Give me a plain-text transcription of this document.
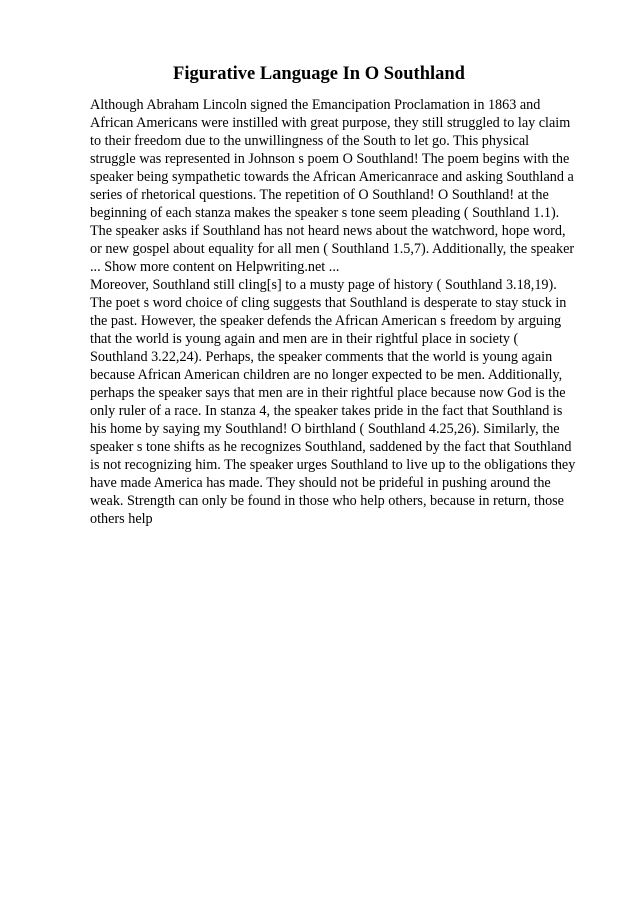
Figurative Language In O Southland
Although Abraham Lincoln signed the Emancipation Proclamation in 1863 and
African Americans were instilled with great purpose, they still struggled to lay claim
to their freedom due to the unwillingness of the South to let go. This physical
struggle was represented in Johnson s poem O Southland! The poem begins with the
speaker being sympathetic towards the African Americanrace and asking Southland a
series of rhetorical questions. The repetition of O Southland! O Southland! at the
beginning of each stanza makes the speaker s tone seem pleading ( Southland 1.1).
The speaker asks if Southland has not heard news about the watchword, hope word,
or new gospel about equality for all men ( Southland 1.5,7). Additionally, the speaker
... Show more content on Helpwriting.net ...
Moreover, Southland still cling[s] to a musty page of history ( Southland 3.18,19).
The poet s word choice of cling suggests that Southland is desperate to stay stuck in
the past. However, the speaker defends the African American s freedom by arguing
that the world is young again and men are in their rightful place in society (
Southland 3.22,24). Perhaps, the speaker comments that the world is young again
because African American children are no longer expected to be men. Additionally,
perhaps the speaker says that men are in their rightful place because now God is the
only ruler of a race. In stanza 4, the speaker takes pride in the fact that Southland is
his home by saying my Southland! O birthland ( Southland 4.25,26). Similarly, the
speaker s tone shifts as he recognizes Southland, saddened by the fact that Southland
is not recognizing him. The speaker urges Southland to live up to the obligations they
have made America has made. They should not be prideful in pushing around the
weak. Strength can only be found in those who help others, because in return, those
others help
